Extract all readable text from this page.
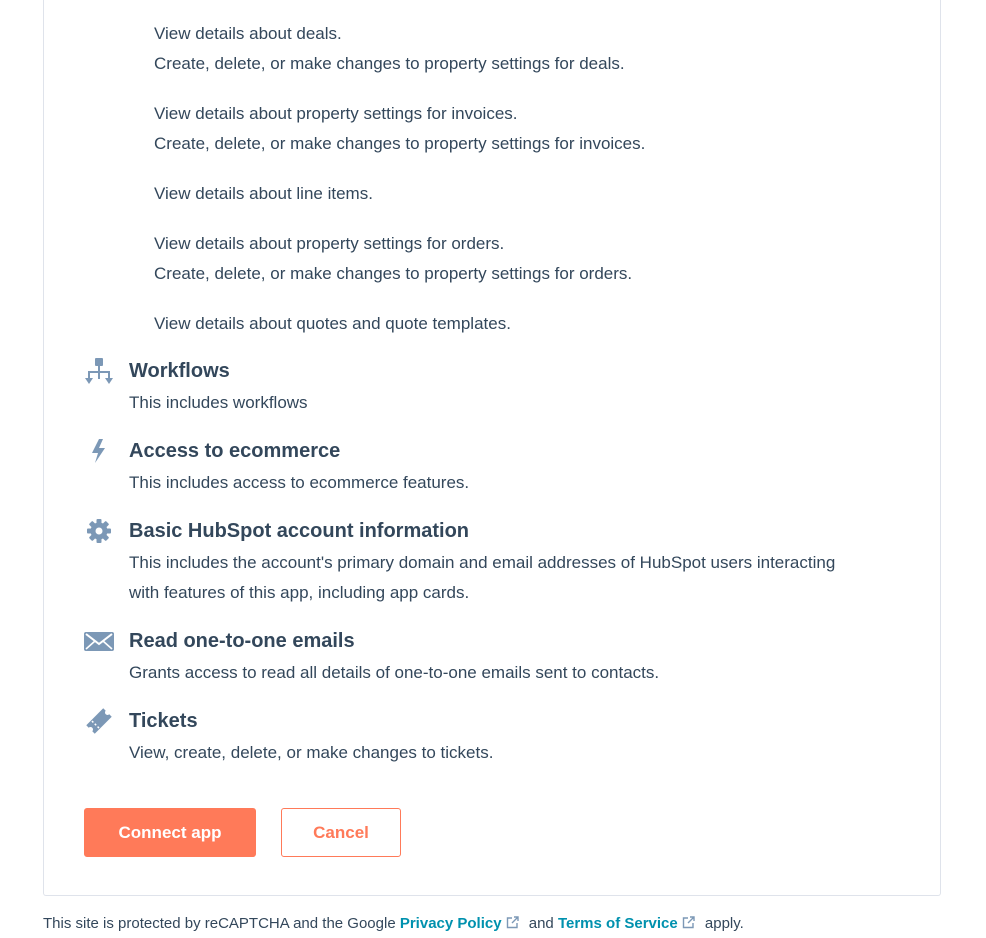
View details about deals.
Create, delete, or make changes to property settings for deals.
View details about property settings for invoices.
Create, delete, or make changes to property settings for invoices.
View details about line items.
View details about property settings for orders.
Create, delete, or make changes to property settings for orders.
View details about quotes and quote templates.
Workflows
This includes workflows
Access to ecommerce
This includes access to ecommerce features.
Basic HubSpot account information
This includes the account's primary domain and email addresses of HubSpot users interacting with features of this app, including app cards.
Read one-to-one emails
Grants access to read all details of one-to-one emails sent to contacts.
Tickets
View, create, delete, or make changes to tickets.
Connect app	Cancel
This site is protected by reCAPTCHA and the Google Privacy Policy and Terms of Service apply.
